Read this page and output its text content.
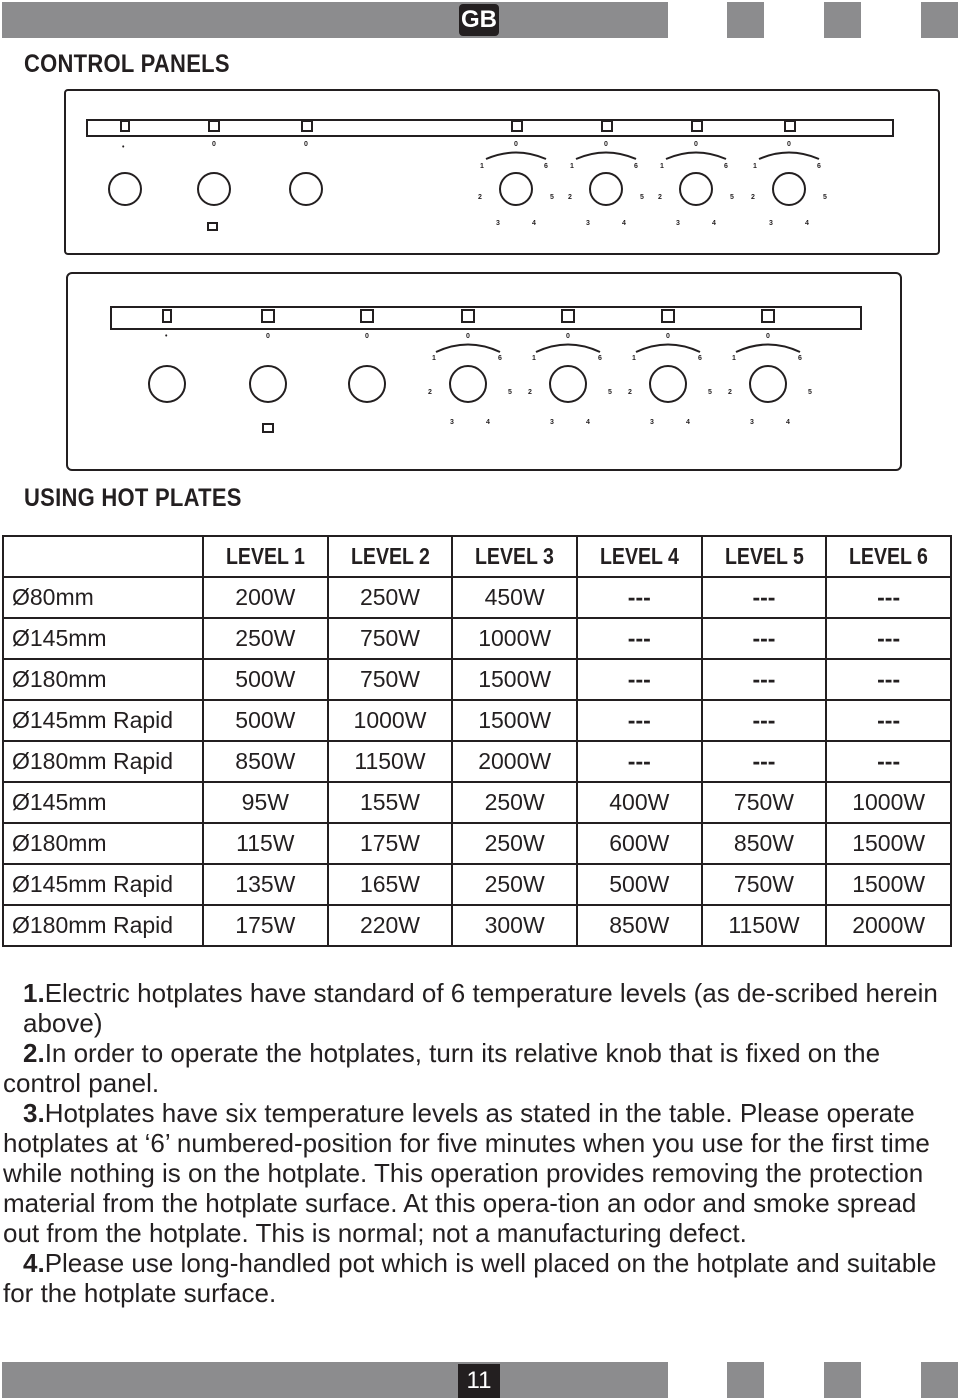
GB
CONTROL PANELS
•	0	0	0	0	0	0
1	6
2	5
3	4
1	6
2	5
3	4
1	6
2	5
3	4
1	6
2	5
3	4
•	0	0	0	0	0	0
1	6
2	5
3	4
1	6
2	5
3	4
1	6
2	5
3	4
1	6
2	5
3	4
USING HOT PLATES
	LEVEL 1	LEVEL 2	LEVEL 3	LEVEL 4	LEVEL 5	LEVEL 6
Ø80mm	200W	250W	450W	---	---	---
Ø145mm	250W	750W	1000W	---	---	---
Ø180mm	500W	750W	1500W	---	---	---
Ø145mm Rapid	500W	1000W	1500W	---	---	---
Ø180mm Rapid	850W	1150W	2000W	---	---	---
Ø145mm	95W	155W	250W	400W	750W	1000W
Ø180mm	115W	175W	250W	600W	850W	1500W
Ø145mm Rapid	135W	165W	250W	500W	750W	1500W
Ø180mm Rapid	175W	220W	300W	850W	1150W	2000W

1.Electric hotplates have standard of 6 temperature levels (as de-scribed herein above)

2.In order to operate the hotplates, turn its relative knob that is fixed on the control panel.

3.Hotplates have six temperature levels as stated in the table. Please operate hotplates at ‘6’ numbered-position for five minutes when you use for the first time while nothing is on the hotplate. This operation provides removing the protection material from the hotplate surface. At this opera-tion an odor and smoke spread out from the hotplate. This is normal; not a manufacturing defect.

4.Please use long-handled pot which is well placed on the hotplate and suitable for the hotplate surface.

11
